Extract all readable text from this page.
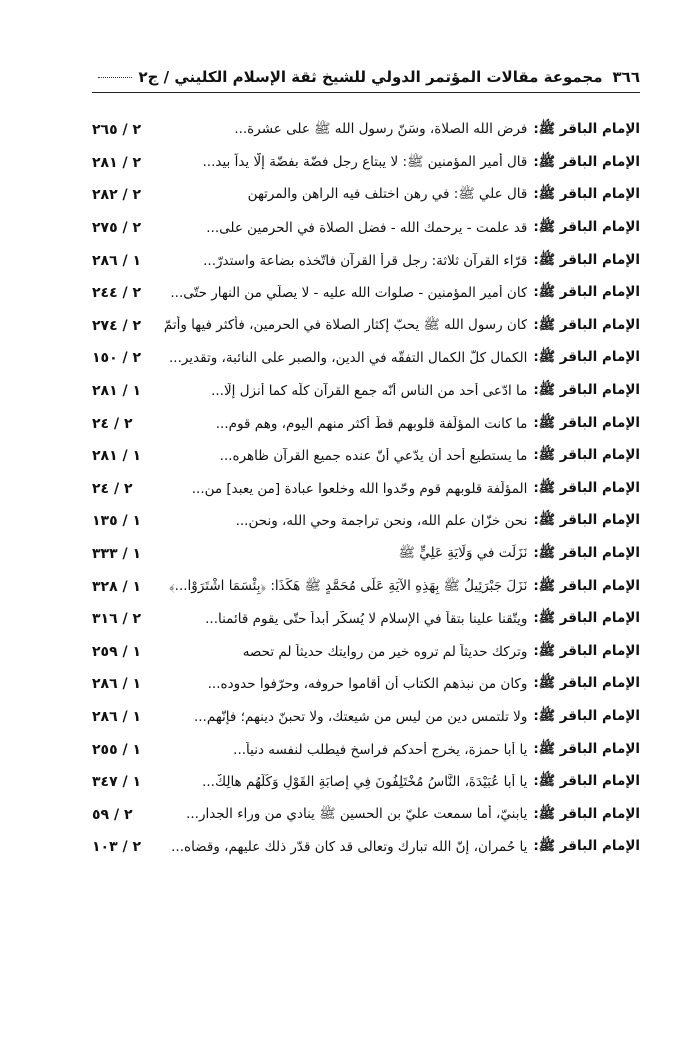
٣٦٦
مجموعة مقالات المؤتمر الدولي للشيخ ثقة الإسلام الكليني / ج٢
الإمام الباقر ﷺ:
فرض الله الصلاة، وسَنّ رسول الله ﷺ على عشرة...
٢ / ٢٦٥
الإمام الباقر ﷺ:
قال أمير المؤمنين ﷺ: لا يبتاع رجل فضّة بفضّة إلّا يداً بيد...
٢ / ٢٨١
الإمام الباقر ﷺ:
قال علي ﷺ: في رهن اختلف فيه الراهن والمرتهن
٢ / ٢٨٢
الإمام الباقر ﷺ:
قد علمت - يرحمك الله - فضل الصلاة في الحرمين على...
٢ / ٢٧٥
الإمام الباقر ﷺ:
قرّاء القرآن ثلاثة: رجل قرأ القرآن فاتّخذه بضاعة واستدرّ...
١ / ٢٨٦
الإمام الباقر ﷺ:
كان أمير المؤمنين - صلوات الله عليه - لا يصلّي من النهار حتّى...
٢ / ٢٤٤
الإمام الباقر ﷺ:
كان رسول الله ﷺ يحبّ إكثار الصلاة في الحرمين، فأكثر فيها وأتمّ
٢ / ٢٧٤
الإمام الباقر ﷺ:
الكمال كلّ الكمال التفقّه في الدين، والصبر على النائبة، وتقدير...
٢ / ١٥٠
الإمام الباقر ﷺ:
ما ادّعى أحد من الناس أنّه جمع القرآن كلّه كما أُنزل إلّا...
١ / ٢٨١
الإمام الباقر ﷺ:
ما كانت المؤلّفة قلوبهم قطّ أكثر منهم اليوم، وهم قوم...
٢ / ٢٤
الإمام الباقر ﷺ:
ما يستطيع أحد أن يدّعي أنّ عنده جميع القرآن ظاهره...
١ / ٢٨١
الإمام الباقر ﷺ:
المؤلّفة قلوبهم قوم وحّدوا الله وخلعوا عبادة [من يعبد] من...
٢ / ٢٤
الإمام الباقر ﷺ:
نحن خزّان علم الله، ونحن تراجمة وحي الله، ونحن...
١ / ١٣٥
الإمام الباقر ﷺ:
نَزَلَت في وَلَايَةِ عَلِيٍّ ﷺ
١ / ٣٣٣
الإمام الباقر ﷺ:
نَزَلَ جَبْرَئِيلُ ﷺ بِهَذِهِ الآيَةِ عَلَى مُحَمَّدٍ ﷺ هَكَذَا: ﴿بِئْسَمَا اشْتَرَوْا...﴾
١ / ٣٢٨
الإمام الباقر ﷺ:
ويتّقنا علينا بتقاً في الإسلام لا يُسكَّر أبداً حتّى يقوم قائمنا...
٢ / ٣١٦
الإمام الباقر ﷺ:
وتركك حديثاً لم تروه خير من روايتك حديثاً لم تحصه
١ / ٢٥٩
الإمام الباقر ﷺ:
وكان من نبذهم الكتاب أن أقاموا حروفه، وحرّفوا حدوده...
١ / ٢٨٦
الإمام الباقر ﷺ:
ولا تلتمس دين من ليس من شيعتك، ولا تحبنّ دينهم؛ فإنّهم...
١ / ٢٨٦
الإمام الباقر ﷺ:
يا أبا حمزة، يخرج أحدكم فراسخ فيطلب لنفسه دنياً...
١ / ٢٥٥
الإمام الباقر ﷺ:
يا أَبا عُبَيْدَةَ، النَّاسُ مُخْتَلِفُونَ فِي إِصابَةِ القَوْلِ وَكُلُّهُم هالِكٌ...
١ / ٣٤٧
الإمام الباقر ﷺ:
يابنيّ، أما سمعت عليّ بن الحسين ﷺ ينادي من وراء الجدار...
٢ / ٥٩
الإمام الباقر ﷺ:
يا حُمران، إنّ الله تبارك وتعالى قد كان قدّر ذلك عليهم، وقضاه...
٢ / ١٠٣
